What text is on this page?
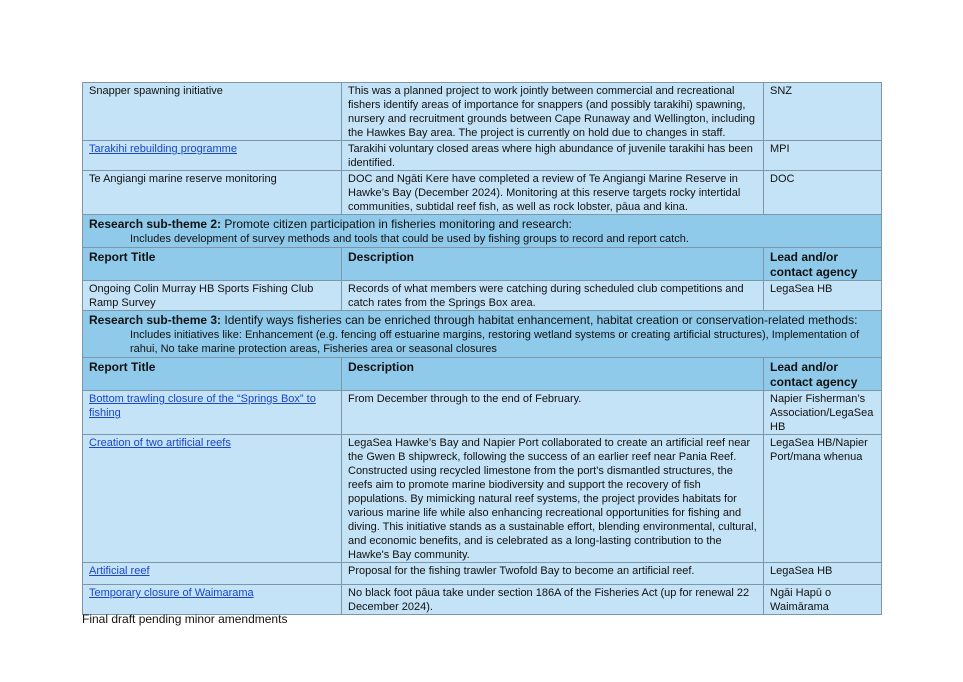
Snapper spawning initiative	This was a planned project to work jointly between commercial and recreational fishers identify areas of importance for snappers (and possibly tarakihi) spawning, nursery and recruitment grounds between Cape Runaway and Wellington, including the Hawkes Bay area. The project is currently on hold due to changes in staff.	SNZ
Tarakihi rebuilding programme	Tarakihi voluntary closed areas where high abundance of juvenile tarakihi has been identified.	MPI
Te Angiangi marine reserve monitoring	DOC and Ngāti Kere have completed a review of Te Angiangi Marine Reserve in Hawke’s Bay (December 2024). Monitoring at this reserve targets rocky intertidal communities, subtidal reef fish, as well as rock lobster, pāua and kina.	DOC

Research sub-theme 2: Promote citizen participation in fisheries monitoring and research:
Includes development of survey methods and tools that could be used by fishing groups to record and report catch.		

Report Title	Description	Lead and/or contact agency
Ongoing Colin Murray HB Sports Fishing Club Ramp Survey	Records of what members were catching during scheduled club competitions and catch rates from the Springs Box area.	LegaSea HB

Research sub-theme 3: Identify ways fisheries can be enriched through habitat enhancement, habitat creation or conservation-related methods:
Includes initiatives like: Enhancement (e.g. fencing off estuarine margins, restoring wetland systems or creating artificial structures), Implementation of rahui, No take marine protection areas, Fisheries area or seasonal closures		

Report Title	Description	Lead and/or contact agency
Bottom trawling closure of the “Springs Box” to fishing	From December through to the end of February.	Napier Fisherman’s Association/LegaSea HB
Creation of two artificial reefs	LegaSea Hawke’s Bay and Napier Port collaborated to create an artificial reef near the Gwen B shipwreck, following the success of an earlier reef near Pania Reef. Constructed using recycled limestone from the port's dismantled structures, the reefs aim to promote marine biodiversity and support the recovery of fish populations. By mimicking natural reef systems, the project provides habitats for various marine life while also enhancing recreational opportunities for fishing and diving. This initiative stands as a sustainable effort, blending environmental, cultural, and economic benefits, and is celebrated as a long-lasting contribution to the Hawke's Bay community.	LegaSea HB/Napier Port/mana whenua
Artificial reef	Proposal for the fishing trawler Twofold Bay to become an artificial reef.	LegaSea HB
Temporary closure of Waimarama	No black foot pāua take under section 186A of the Fisheries Act (up for renewal 22 December 2024).	Ngāi Hapū o Waimārama
Final draft pending minor amendments
